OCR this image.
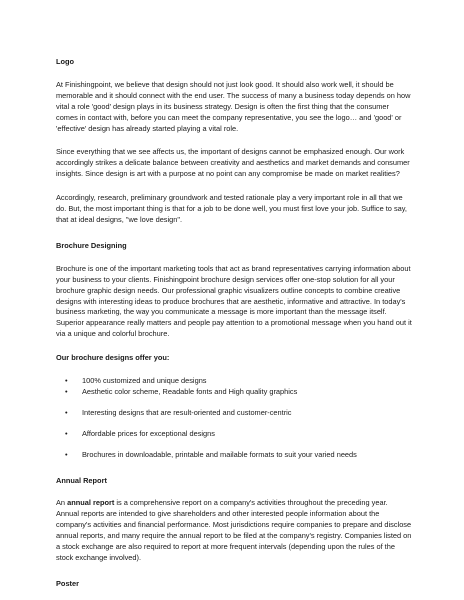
Logo

At Finishingpoint, we believe that design should not just look good. It should also work well, it should be memorable and it should connect with the end user. The success of many a business today depends on how vital a role 'good' design plays in its business strategy. Design is often the first thing that the consumer comes in contact with, before you can meet the company representative, you see the logo… and 'good' or 'effective' design has already started playing a vital role.

Since everything that we see affects us, the important of designs cannot be emphasized enough. Our work accordingly strikes a delicate balance between creativity and aesthetics and market demands and consumer insights. Since design is art with a purpose at no point can any compromise be made on market realities?

Accordingly, research, preliminary groundwork and tested rationale play a very important role in all that we do. But, the most important thing is that for a job to be done well, you must first love your job. Suffice to say, that at ideal designs, "we love design".

Brochure Designing

Brochure is one of the important marketing tools that act as brand representatives carrying information about your business to your clients. Finishingpoint brochure design services offer one-stop solution for all your brochure graphic design needs. Our professional graphic visualizers outline concepts to combine creative designs with interesting ideas to produce brochures that are aesthetic, informative and attractive. In today's business marketing, the way you communicate a message is more important than the message itself. Superior appearance really matters and people pay attention to a promotional message when you hand out it via a unique and colorful brochure.

Our brochure designs offer you:
• 100% customized and unique designs
• Aesthetic color scheme, Readable fonts and High quality graphics
• Interesting designs that are result-oriented and customer-centric
• Affordable prices for exceptional designs
• Brochures in downloadable, printable and mailable formats to suit your varied needs
Annual Report

An annual report is a comprehensive report on a company's activities throughout the preceding year. Annual reports are intended to give shareholders and other interested people information about the company's activities and financial performance. Most jurisdictions require companies to prepare and disclose annual reports, and many require the annual report to be filed at the company's registry. Companies listed on a stock exchange are also required to report at more frequent intervals (depending upon the rules of the stock exchange involved).

Poster
